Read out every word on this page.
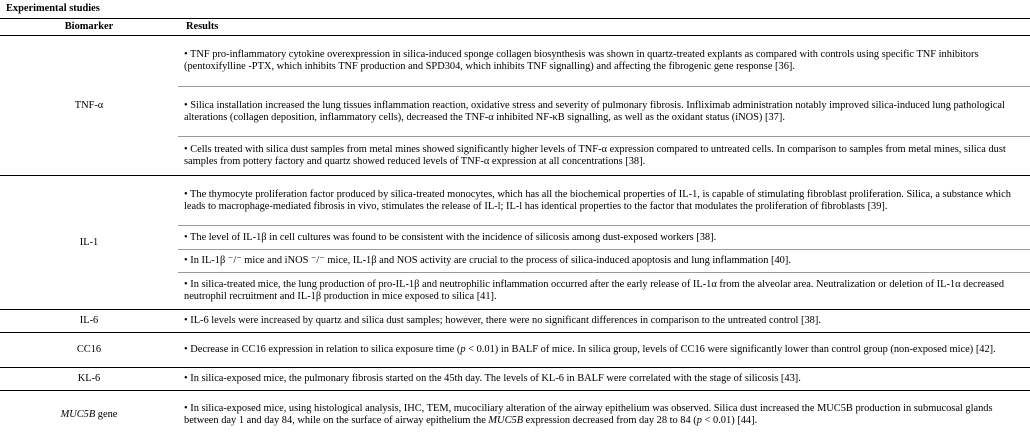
Experimental studies	
Biomarker	Results
TNF-α	• TNF pro-inflammatory cytokine overexpression in silica-induced sponge collagen biosynthesis was shown in quartz-treated explants as compared with controls using specific TNF inhibitors (pentoxifylline -PTX, which inhibits TNF production and SPD304, which inhibits TNF signalling) and affecting the fibrogenic gene response [36].
	• Silica installation increased the lung tissues inflammation reaction, oxidative stress and severity of pulmonary fibrosis. Infliximab administration notably improved silica-induced lung pathological alterations (collagen deposition, inflammatory cells), decreased the TNF-α inhibited NF-κB signalling, as well as the oxidant status (iNOS) [37].
	• Cells treated with silica dust samples from metal mines showed significantly higher levels of TNF-α expression compared to untreated cells. In comparison to samples from metal mines, silica dust samples from pottery factory and quartz showed reduced levels of TNF-α expression at all concentrations [38].
IL-1	• The thymocyte proliferation factor produced by silica-treated monocytes, which has all the biochemical properties of IL-1, is capable of stimulating fibroblast proliferation. Silica, a substance which leads to macrophage-mediated fibrosis in vivo, stimulates the release of IL-l; IL-l has identical properties to the factor that modulates the proliferation of fibroblasts [39].
	• The level of IL-1β in cell cultures was found to be consistent with the incidence of silicosis among dust-exposed workers [38].
	• In IL-1β ⁻/⁻ mice and iNOS ⁻/⁻ mice, IL-1β and NOS activity are crucial to the process of silica-induced apoptosis and lung inflammation [40].
	• In silica-treated mice, the lung production of pro-IL-1β and neutrophilic inflammation occurred after the early release of IL-1α from the alveolar area. Neutralization or deletion of IL-1α decreased neutrophil recruitment and IL-1β production in mice exposed to silica [41].
IL-6	• IL-6 levels were increased by quartz and silica dust samples; however, there were no significant differences in comparison to the untreated control [38].
CC16	• Decrease in CC16 expression in relation to silica exposure time (p < 0.01) in BALF of mice. In silica group, levels of CC16 were significantly lower than control group (non-exposed mice) [42].
KL-6	• In silica-exposed mice, the pulmonary fibrosis started on the 45th day. The levels of KL-6 in BALF were correlated with the stage of silicosis [43].
MUC5B gene	• In silica-exposed mice, using histological analysis, IHC, TEM, mucociliary alteration of the airway epithelium was observed. Silica dust increased the MUC5B production in submucosal glands between day 1 and day 84, while on the surface of airway epithelium the MUC5B expression decreased from day 28 to 84 (p < 0.01) [44].
